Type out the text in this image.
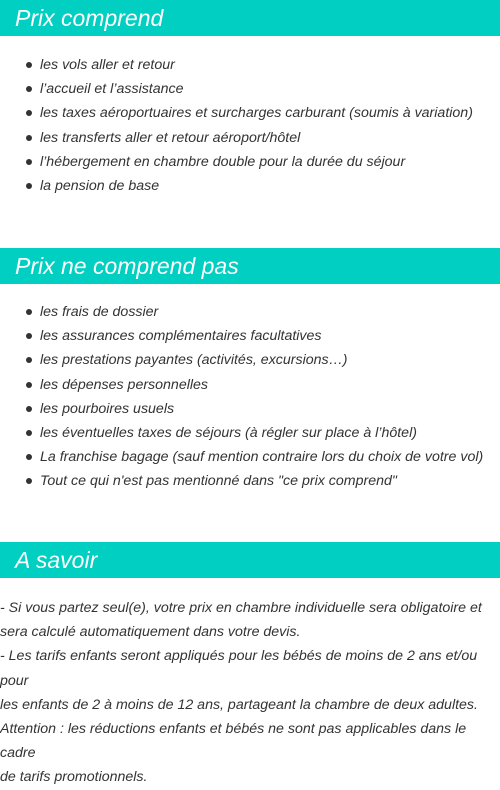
Prix comprend
les vols aller et retour
l’accueil et l’assistance
les taxes aéroportuaires et surcharges carburant (soumis à variation)
les transferts aller et retour aéroport/hôtel
l’hébergement en chambre double pour la durée du séjour
la pension de base
Prix ne comprend pas
les frais de dossier
les assurances complémentaires facultatives
les prestations payantes (activités, excursions…)
les dépenses personnelles
les pourboires usuels
les éventuelles taxes de séjours (à régler sur place à l’hôtel)
La franchise bagage (sauf mention contraire lors du choix de votre vol)
Tout ce qui n'est pas mentionné dans "ce prix comprend"
A savoir

- Si vous partez seul(e), votre prix en chambre individuelle sera obligatoire et
sera calculé automatiquement dans votre devis.

- Les tarifs enfants seront appliqués pour les bébés de moins de 2 ans et/ou pour
les enfants de 2 à moins de 12 ans, partageant la chambre de deux adultes.

Attention : les réductions enfants et bébés ne sont pas applicables dans le cadre
de tarifs promotionnels.
